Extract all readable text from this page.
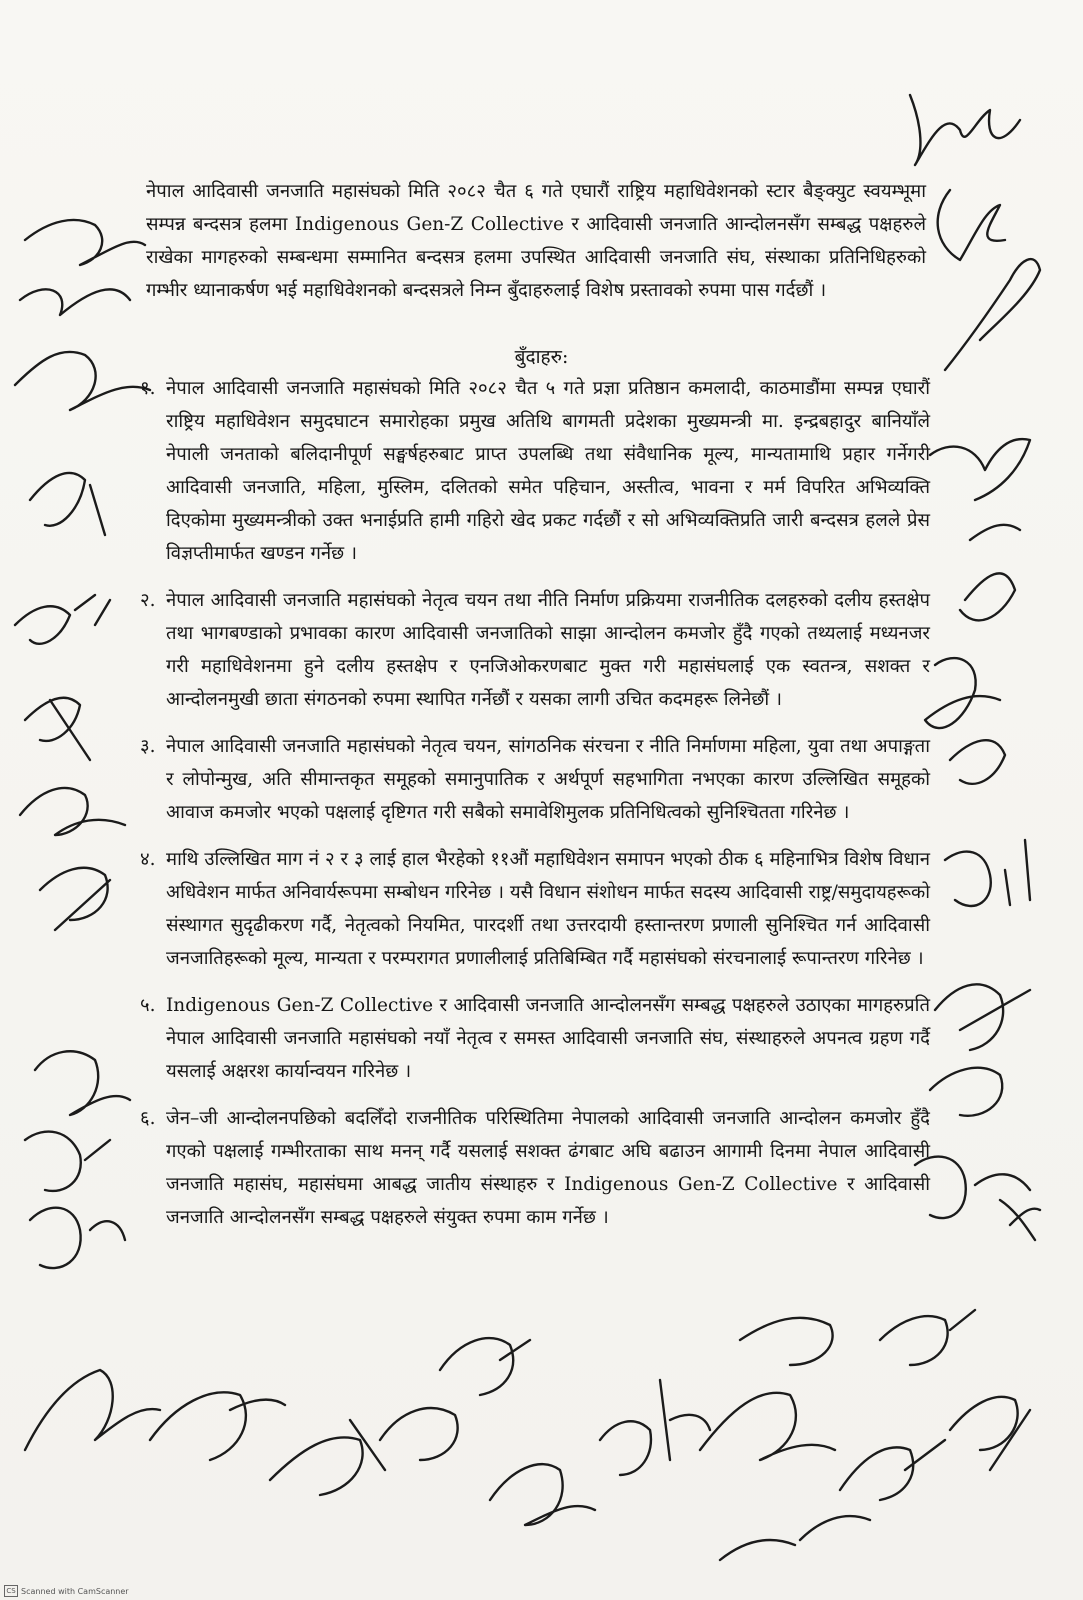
नेपाल आदिवासी जनजाति महासंघको मिति २०८२ चैत ६ गते एघारौं राष्ट्रिय महाधिवेशनको स्टार बैङ्क्युट स्वयम्भूमा सम्पन्न बन्दसत्र हलमा Indigenous Gen-Z Collective र आदिवासी जनजाति आन्दोलनसँग सम्बद्ध पक्षहरुले राखेका मागहरुको सम्बन्धमा सम्मानित बन्दसत्र हलमा उपस्थित आदिवासी जनजाति संघ, संस्थाका प्रतिनिधिहरुको गम्भीर ध्यानाकर्षण भई महाधिवेशनको बन्दसत्रले निम्न बुँदाहरुलाई विशेष प्रस्तावको रुपमा पास गर्दछौं ।

बुँदाहरु:
१. नेपाल आदिवासी जनजाति महासंघको मिति २०८२ चैत ५ गते प्रज्ञा प्रतिष्ठान कमलादी, काठमाडौंमा सम्पन्न एघारौं राष्ट्रिय महाधिवेशन समुदघाटन समारोहका प्रमुख अतिथि बागमती प्रदेशका मुख्यमन्त्री मा. इन्द्रबहादुर बानियाँले नेपाली जनताको बलिदानीपूर्ण सङ्घर्षहरुबाट प्राप्त उपलब्धि तथा संवैधानिक मूल्य, मान्यतामाथि प्रहार गर्नेगरी आदिवासी जनजाति, महिला, मुस्लिम, दलितको समेत पहिचान, अस्तीत्व, भावना र मर्म विपरित अभिव्यक्ति दिएकोमा मुख्यमन्त्रीको उक्त भनाईप्रति हामी गहिरो खेद प्रकट गर्दछौं र सो अभिव्यक्तिप्रति जारी बन्दसत्र हलले प्रेस विज्ञप्तीमार्फत खण्डन गर्नेछ ।
२. नेपाल आदिवासी जनजाति महासंघको नेतृत्व चयन तथा नीति निर्माण प्रक्रियमा राजनीतिक दलहरुको दलीय हस्तक्षेप तथा भागबण्डाको प्रभावका कारण आदिवासी जनजातिको साझा आन्दोलन कमजोर हुँदै गएको तथ्यलाई मध्यनजर गरी महाधिवेशनमा हुने दलीय हस्तक्षेप र एनजिओकरणबाट मुक्त गरी महासंघलाई एक स्वतन्त्र, सशक्त र आन्दोलनमुखी छाता संगठनको रुपमा स्थापित गर्नेछौं र यसका लागी उचित कदमहरू लिनेछौं ।
३. नेपाल आदिवासी जनजाति महासंघको नेतृत्व चयन, सांगठनिक संरचना र नीति निर्माणमा महिला, युवा तथा अपाङ्गता र लोपोन्मुख, अति सीमान्तकृत समूहको समानुपातिक र अर्थपूर्ण सहभागिता नभएका कारण उल्लिखित समूहको आवाज कमजोर भएको पक्षलाई दृष्टिगत गरी सबैको समावेशिमुलक प्रतिनिधित्वको सुनिश्चितता गरिनेछ ।
४. माथि उल्लिखित माग नं २ र ३ लाई हाल भैरहेको ११औं महाधिवेशन समापन भएको ठीक ६ महिनाभित्र विशेष विधान अधिवेशन मार्फत अनिवार्यरूपमा सम्बोधन गरिनेछ । यसै विधान संशोधन मार्फत सदस्य आदिवासी राष्ट्र/समुदायहरूको संस्थागत सुदृढीकरण गर्दै, नेतृत्वको नियमित, पारदर्शी तथा उत्तरदायी हस्तान्तरण प्रणाली सुनिश्चित गर्न आदिवासी जनजातिहरूको मूल्य, मान्यता र परम्परागत प्रणालीलाई प्रतिबिम्बित गर्दै महासंघको संरचनालाई रूपान्तरण गरिनेछ ।
५. Indigenous Gen-Z Collective र आदिवासी जनजाति आन्दोलनसँग सम्बद्ध पक्षहरुले उठाएका मागहरुप्रति नेपाल आदिवासी जनजाति महासंघको नयाँ नेतृत्व र समस्त आदिवासी जनजाति संघ, संस्थाहरुले अपनत्व ग्रहण गर्दै यसलाई अक्षरश कार्यान्वयन गरिनेछ ।
६. जेन–जी आन्दोलनपछिको बदलिँदो राजनीतिक परिस्थितिमा नेपालको आदिवासी जनजाति आन्दोलन कमजोर हुँदै गएको पक्षलाई गम्भीरताका साथ मनन् गर्दै यसलाई सशक्त ढंगबाट अघि बढाउन आगामी दिनमा नेपाल आदिवासी जनजाति महासंघ, महासंघमा आबद्ध जातीय संस्थाहरु र Indigenous Gen-Z Collective र आदिवासी जनजाति आन्दोलनसँग सम्बद्ध पक्षहरुले संयुक्त रुपमा काम गर्नेछ ।
CS Scanned with CamScanner
